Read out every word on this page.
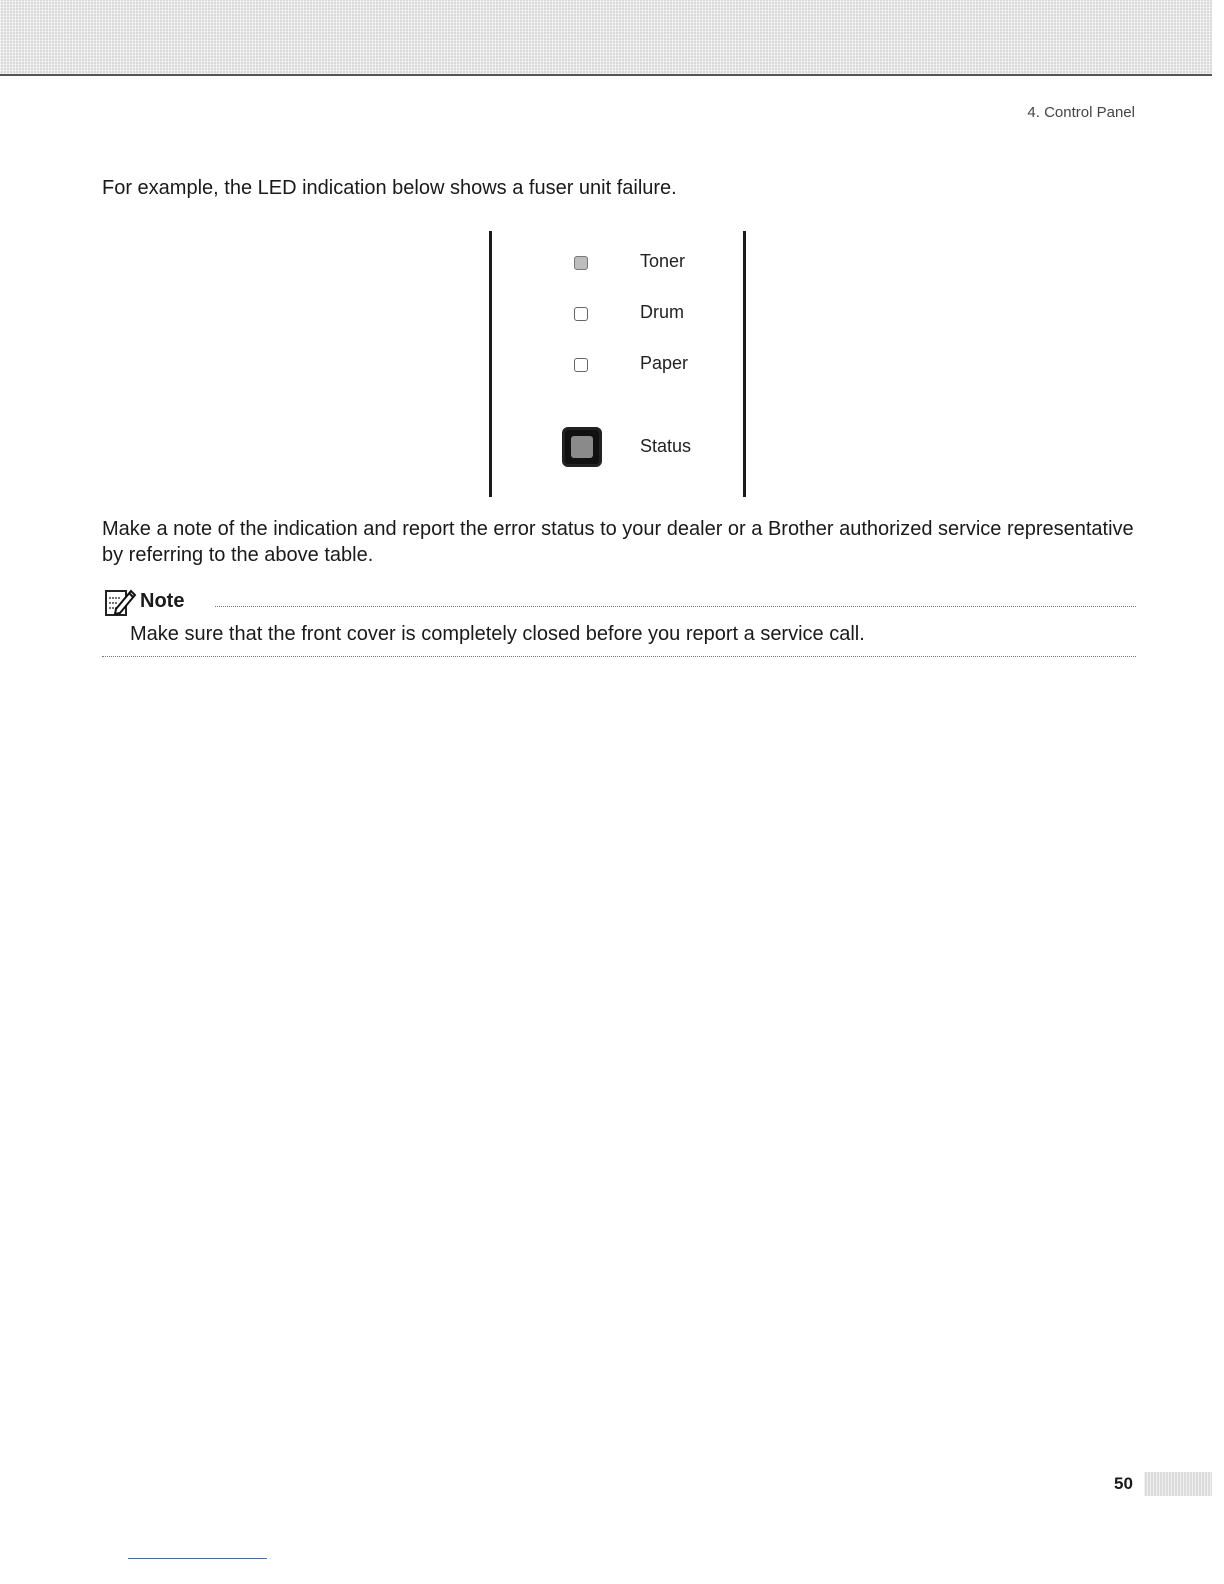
4. Control Panel

For example, the LED indication below shows a fuser unit failure.

Toner
Drum
Paper
Status

Make a note of the indication and report the error status to your dealer or a Brother authorized service representative by referring to the above table.

Note
Make sure that the front cover is completely closed before you report a service call.
50
